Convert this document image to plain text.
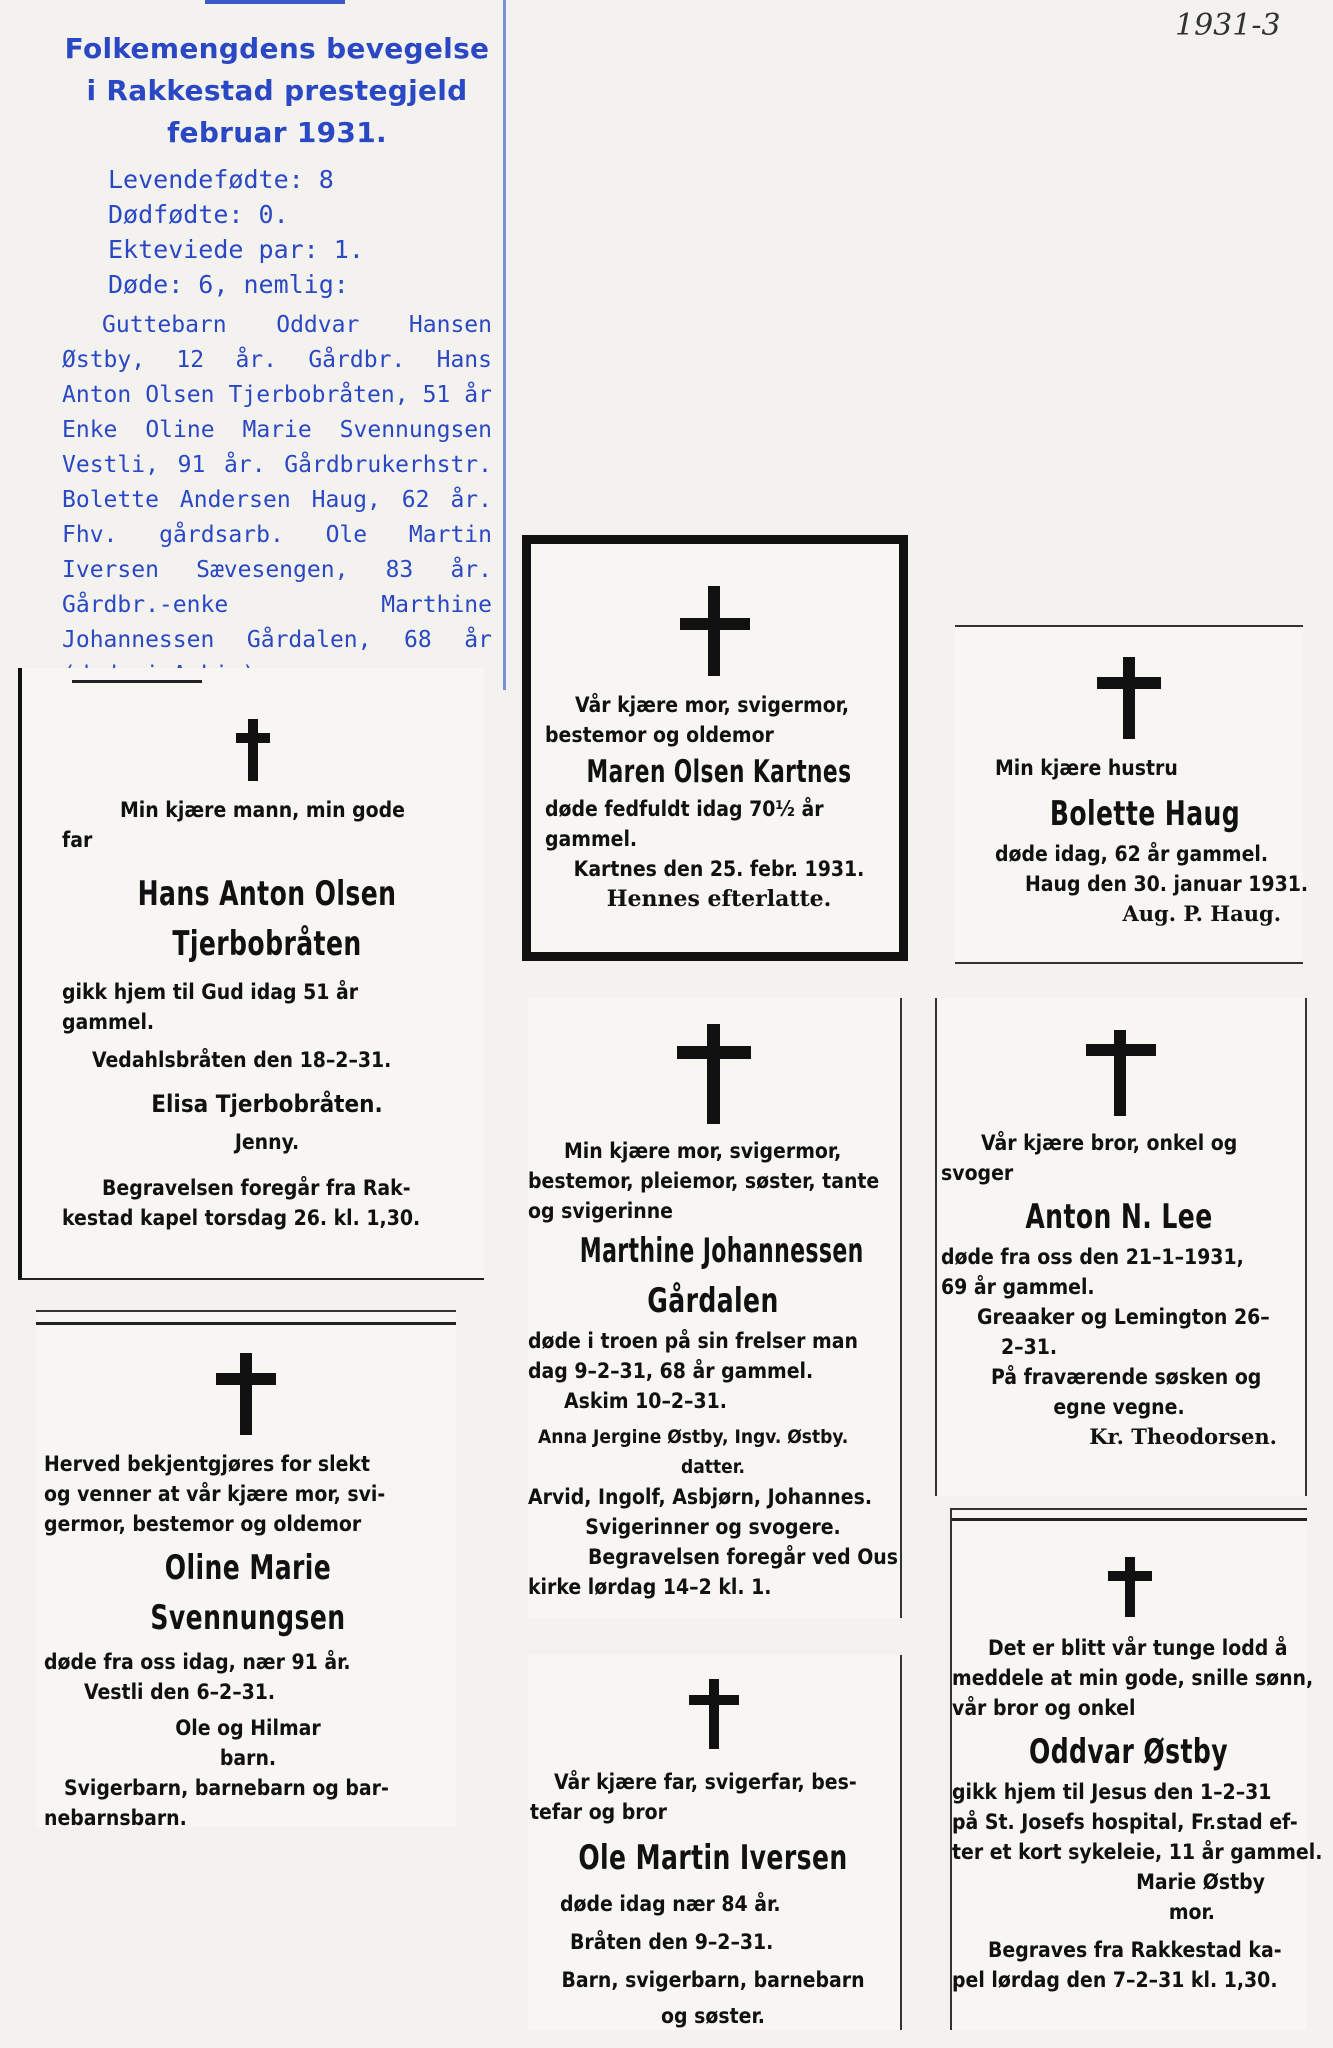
1931-3
Folkemengdens bevegelse i Rakkestad prestegjeld februar 1931.
Levendefødte: 8
Dødfødte: 0.
Ekteviede par: 1.
Døde: 6, nemlig:
Guttebarn Oddvar Hansen Østby, 12 år. Gårdbr. Hans Anton Olsen Tjerbobråten, 51 år Enke Oline Marie Svennungsen Vestli, 91 år. Gårdbrukerhstr. Bolette Andersen Haug, 62 år. Fhv. gårdsarb. Ole Martin Iversen Sævesengen, 83 år. Gårdbr.-enke Marthine Johannessen Gårdalen, 68 år
Min kjære mann, min gode
far
Hans Anton Olsen
Tjerbobråten
gikk hjem til Gud idag 51 år
gammel.
Vedahlsbråten den 18–2–31.
Elisa Tjerbobråten.
Jenny.
Begravelsen foregår fra Rak-
kestad kapel torsdag 26. kl. 1,30.
Herved bekjentgjøres for slekt
og venner at vår kjære mor, svi-
germor, bestemor og oldemor
Oline Marie
Svennungsen
døde fra oss idag, nær 91 år.
Vestli den 6–2–31.
Ole og Hilmar
barn.
Svigerbarn, barnebarn og bar-
nebarnsbarn.
Vår kjære mor, svigermor,
bestemor og oldemor
Maren Olsen Kartnes
døde fedfuldt idag 70½ år
gammel.
Kartnes den 25. febr. 1931.
Hennes efterlatte.
Min kjære mor, svigermor,
bestemor, pleiemor, søster, tante
og svigerinne
Marthine Johannessen
Gårdalen
døde i troen på sin frelser man
dag 9–2–31, 68 år gammel.
Askim 10–2–31.
Anna Jergine Østby, Ingv. Østby.
datter.
Arvid, Ingolf, Asbjørn, Johannes.
Svigerinner og svogere.
Begravelsen foregår ved Ous
kirke lørdag 14–2 kl. 1.
Vår kjære far, svigerfar, bes-
tefar og bror
Ole Martin Iversen
døde idag nær 84 år.
Bråten den 9–2–31.
Barn, svigerbarn, barnebarn
og søster.
Min kjære hustru
Bolette Haug
døde idag, 62 år gammel.
Haug den 30. januar 1931.
Aug. P. Haug.
Vår kjære bror, onkel og
svoger
Anton N. Lee
døde fra oss den 21–1–1931,
69 år gammel.
Greaaker og Lemington 26–
2–31.
På fraværende søsken og
egne vegne.
Kr. Theodorsen.
Det er blitt vår tunge lodd å
meddele at min gode, snille sønn,
vår bror og onkel
Oddvar Østby
gikk hjem til Jesus den 1–2–31
på St. Josefs hospital, Fr.stad ef-
ter et kort sykeleie, 11 år gammel.
Marie Østby
mor.
Begraves fra Rakkestad ka-
pel lørdag den 7–2–31 kl. 1,30.
